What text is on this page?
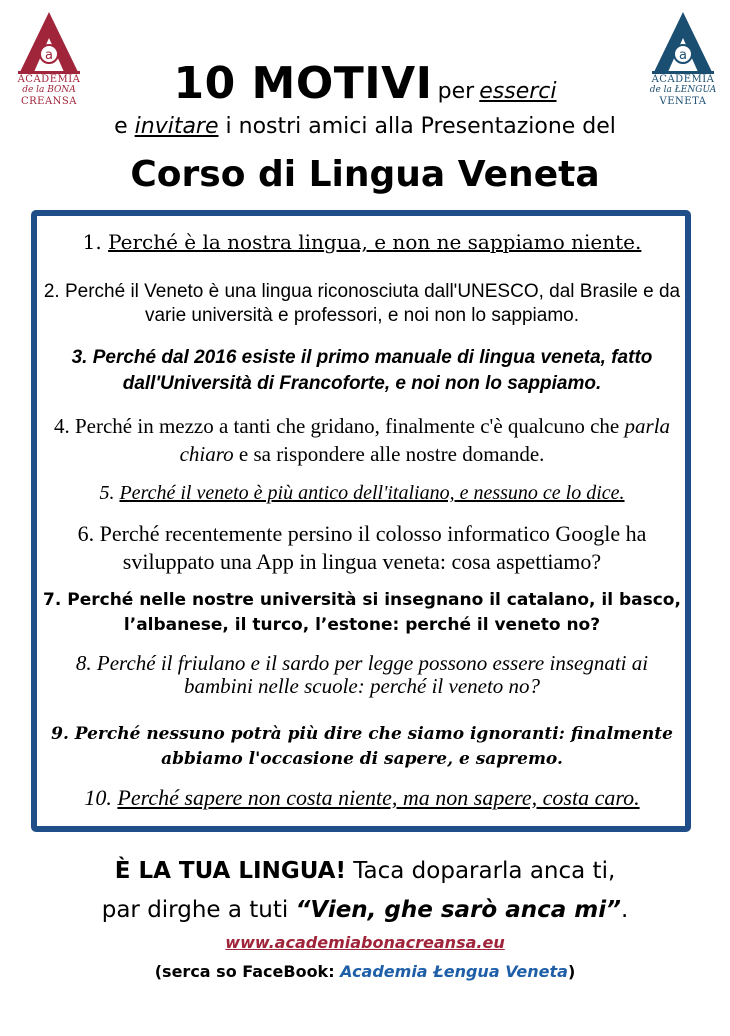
a
ACADEMIA
de la BONA
CREANSA
a
ACADEMIA
de la ŁENGUA
VENETA
10 MOTIVI per esserci
e invitare i nostri amici alla Presentazione del
Corso di Lingua Veneta
1. Perché è la nostra lingua, e non ne sappiamo niente.
2. Perché il Veneto è una lingua riconosciuta dall'UNESCO, dal Brasile e da varie università e professori, e noi non lo sappiamo.
3. Perché dal 2016 esiste il primo manuale di lingua veneta, fatto dall'Università di Francoforte, e noi non lo sappiamo.
4. Perché in mezzo a tanti che gridano, finalmente c'è qualcuno che parla chiaro e sa rispondere alle nostre domande.
5. Perché il veneto è più antico dell'italiano, e nessuno ce lo dice.
6. Perché recentemente persino il colosso informatico Google ha sviluppato una App in lingua veneta: cosa aspettiamo?
7. Perché nelle nostre università si insegnano il catalano, il basco, l’albanese, il turco, l’estone: perché il veneto no?
8. Perché il friulano e il sardo per legge possono essere insegnati ai bambini nelle scuole: perché il veneto no?
9. Perché nessuno potrà più dire che siamo ignoranti: finalmente abbiamo l'occasione di sapere, e sapremo.
10. Perché sapere non costa niente, ma non sapere, costa caro.
È LA TUA LINGUA! Taca dopararla anca ti,
par dirghe a tuti “Vien, ghe sarò anca mi”.
www.academiabonacreansa.eu
(serca so FaceBook: Academia Łengua Veneta)
